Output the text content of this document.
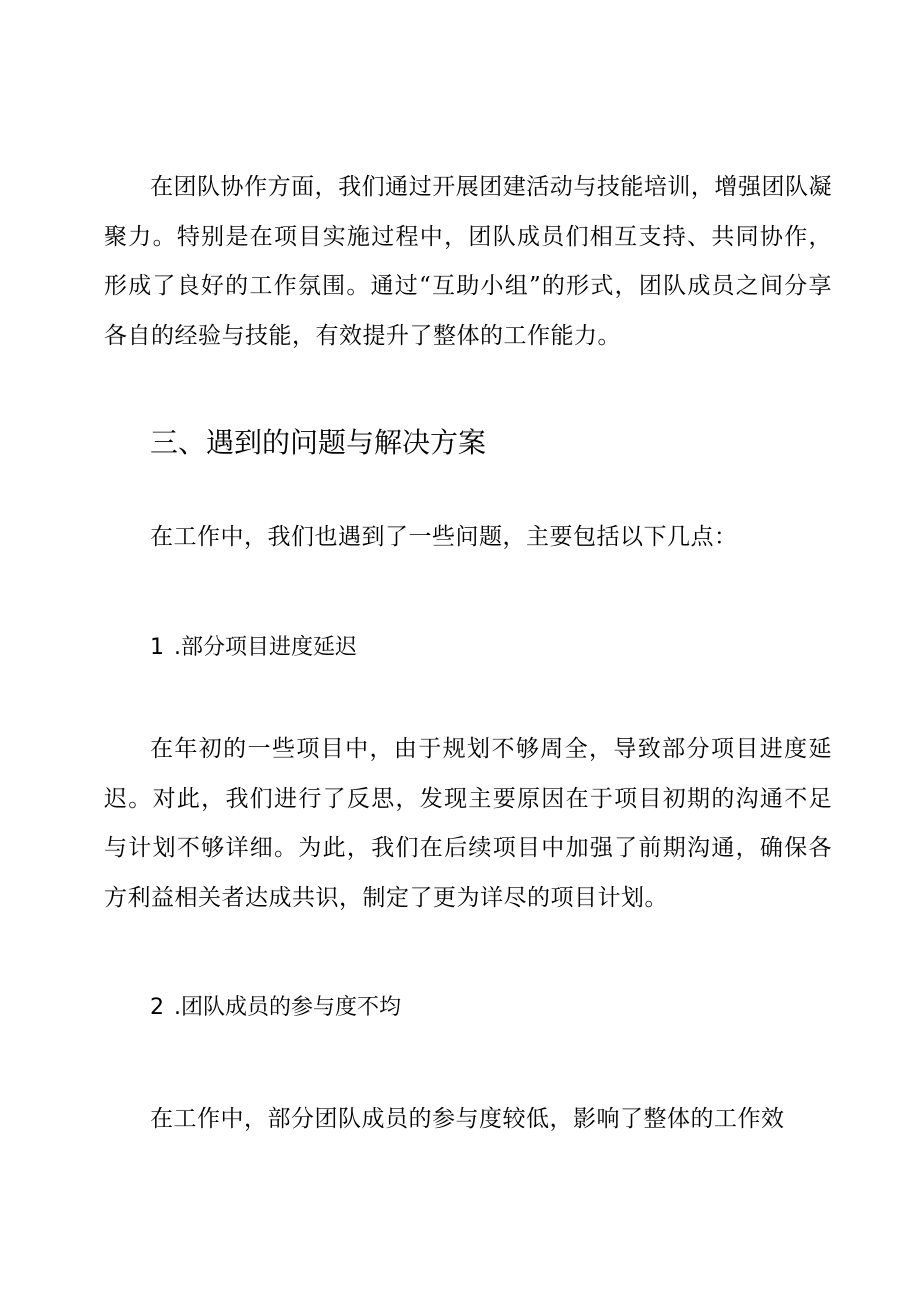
在团队协作方面，我们通过开展团建活动与技能培训，增强团队凝聚力。特别是在项目实施过程中，团队成员们相互支持、共同协作，形成了良好的工作氛围。通过“互助小组”的形式，团队成员之间分享各自的经验与技能，有效提升了整体的工作能力。

三、遇到的问题与解决方案

在工作中，我们也遇到了一些问题，主要包括以下几点：

1 .部分项目进度延迟

在年初的一些项目中，由于规划不够周全，导致部分项目进度延迟。对此，我们进行了反思，发现主要原因在于项目初期的沟通不足与计划不够详细。为此，我们在后续项目中加强了前期沟通，确保各方利益相关者达成共识，制定了更为详尽的项目计划。

2 .团队成员的参与度不均

在工作中，部分团队成员的参与度较低，影响了整体的工作效
